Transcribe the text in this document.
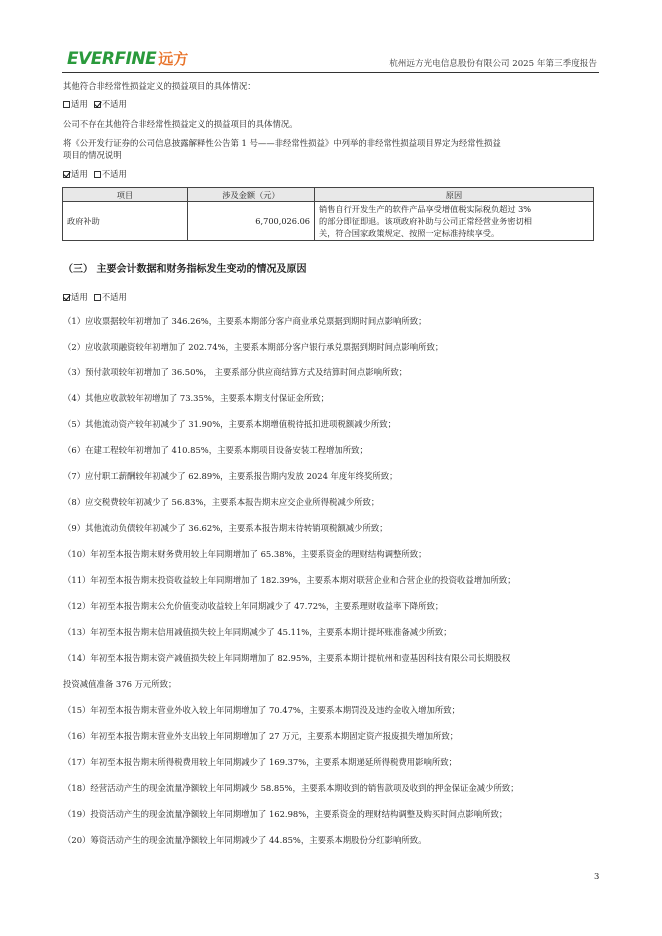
EVERFINE 远方	杭州远方光电信息股份有限公司 2025 年第三季度报告
其他符合非经常性损益定义的损益项目的具体情况：
适用 不适用
公司不存在其他符合非经常性损益定义的损益项目的具体情况。
将《公开发行证券的公司信息披露解释性公告第 1 号——非经常性损益》中列举的非经常性损益项目界定为经常性损益
项目的情况说明
适用 不适用
项目	涉及金额（元）	原因
政府补助	6,700,026.06	销售自行开发生产的软件产品享受增值税实际税负超过 3%
的部分即征即退。该项政府补助与公司正常经营业务密切相
关，符合国家政策规定、按照一定标准持续享受。
（三） 主要会计数据和财务指标发生变动的情况及原因
适用 不适用
（1）应收票据较年初增加了 346.26%，主要系本期部分客户商业承兑票据到期时间点影响所致；
（2）应收款项融资较年初增加了 202.74%，主要系本期部分客户银行承兑票据到期时间点影响所致；
（3）预付款项较年初增加了 36.50%， 主要系部分供应商结算方式及结算时间点影响所致；
（4）其他应收款较年初增加了 73.35%，主要系本期支付保证金所致；
（5）其他流动资产较年初减少了 31.90%，主要系本期增值税待抵扣进项税额减少所致；
（6）在建工程较年初增加了 410.85%，主要系本期项目设备安装工程增加所致；
（7）应付职工薪酬较年初减少了 62.89%，主要系报告期内发放 2024 年度年终奖所致；
（8）应交税费较年初减少了 56.83%，主要系本报告期末应交企业所得税减少所致；
（9）其他流动负债较年初减少了 36.62%，主要系本报告期末待转销项税额减少所致；
（10）年初至本报告期末财务费用较上年同期增加了 65.38%，主要系资金的理财结构调整所致；
（11）年初至本报告期末投资收益较上年同期增加了 182.39%，主要系本期对联营企业和合营企业的投资收益增加所致；
（12）年初至本报告期末公允价值变动收益较上年同期减少了 47.72%，主要系理财收益率下降所致；
（13）年初至本报告期末信用减值损失较上年同期减少了 45.11%，主要系本期计提坏账准备减少所致；
（14）年初至本报告期末资产减值损失较上年同期增加了 82.95%，主要系本期计提杭州和壹基因科技有限公司长期股权
投资减值准备 376 万元所致；
（15）年初至本报告期末营业外收入较上年同期增加了 70.47%，主要系本期罚没及违约金收入增加所致；
（16）年初至本报告期末营业外支出较上年同期增加了 27 万元，主要系本期固定资产报废损失增加所致；
（17）年初至本报告期末所得税费用较上年同期减少了 169.37%，主要系本期递延所得税费用影响所致；
（18）经营活动产生的现金流量净额较上年同期减少 58.85%，主要系本期收到的销售款项及收到的押金保证金减少所致；
（19）投资活动产生的现金流量净额较上年同期增加了 162.98%，主要系资金的理财结构调整及购买时间点影响所致；
（20）筹资活动产生的现金流量净额较上年同期减少了 44.85%，主要系本期股份分红影响所致。
3
